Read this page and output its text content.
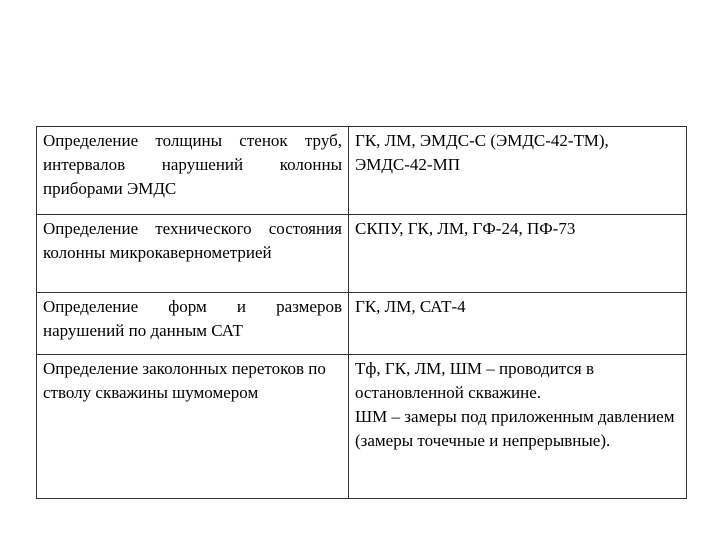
Определение толщины стенок труб, интервалов нарушений колонны приборами ЭМДС	ГК, ЛМ, ЭМДС-С (ЭМДС-42-ТМ), ЭМДС-42-МП
Определение технического состояния колонны микрокавернометрией	СКПУ, ГК, ЛМ, ГФ-24, ПФ-73
Определение форм и размеров нарушений по данным САТ	ГК, ЛМ, САТ-4
Определение заколонных перетоков по стволу скважины шумомером	Тф, ГК, ЛМ, ШМ – проводится в остановленной скважине.
ШМ – замеры под приложенным давлением (замеры точечные и непрерывные).
